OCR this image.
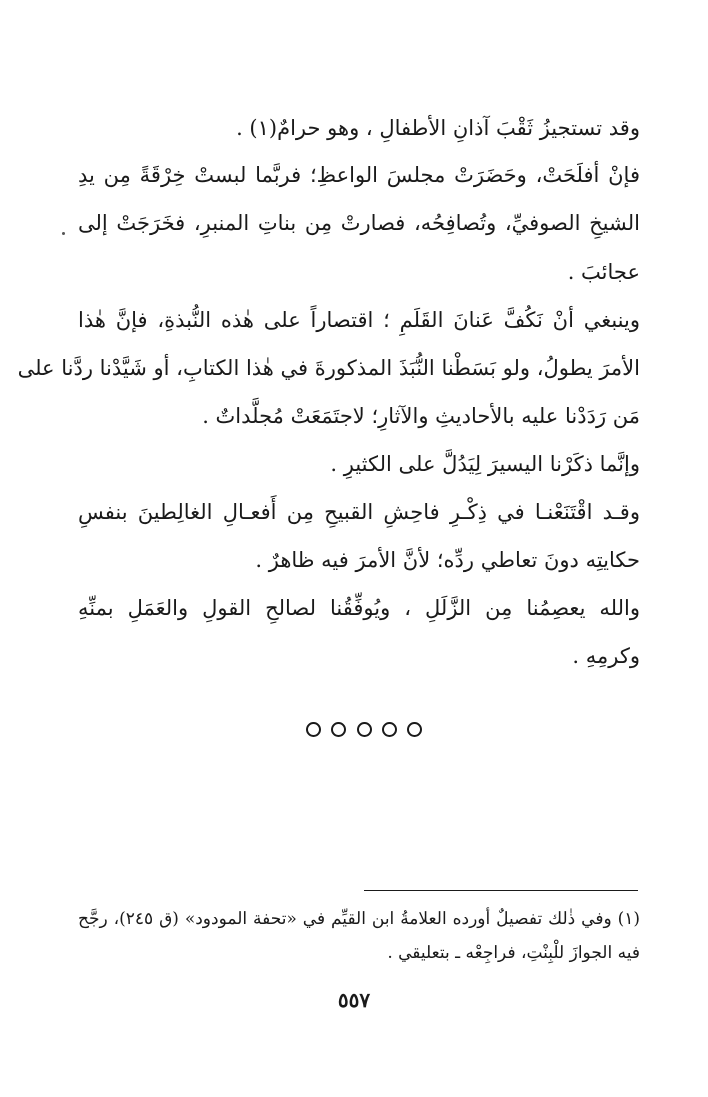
وقد تستجيزُ ثَقْبَ آذانِ الأطفالِ ، وهو حرامٌ(١) .
فإنْ أفلَحَتْ، وحَضَرَتْ مجلسَ الواعظِ؛ فربَّما لبستْ خِرْقَةً مِن يدِ
الشيخِ الصوفيِّ، وتُصافِحُه، فصارتْ مِن بناتِ المنبرِ، فخَرَجَتْ إلى
عجائبَ .
وينبغي أنْ نَكُفَّ عَنانَ القَلَمِ ؛ اقتصاراً على هٰذه النُّبذةِ، فإنَّ هٰذا
الأمرَ يطولُ، ولو بَسَطْنا النُّبَذَ المذكورةَ في هٰذا الكتابِ، أو شَيَّدْنا ردَّنا على
مَن رَدَدْنا عليه بالأحاديثِ والآثارِ؛ لاجتَمَعَتْ مُجلَّداتٌ .
وإنَّما ذكَرْنا اليسيرَ لِيَدُلَّ على الكثيرِ .
وقـد اقْتَنَعْنـا في ذِكْـرِ فاحِشِ القبيحِ مِن أَفعـالِ الغالِطينَ بنفسِ
حكايتِه دونَ تعاطي ردِّه؛ لأنَّ الأمرَ فيه ظاهرٌ .
والله يعصِمُنا مِن الزَّلَلِ ، ويُوفِّقُنا لصالحِ القولِ والعَمَلِ بمنِّهِ
وكرمِهِ .
(١) وفي ذٰلك تفصيلٌ أورده العلامةُ ابن القيِّم في «تحفة المودود» (ق ٢٤٥)، رجَّح
فيه الجوازَ للْبِنْتِ، فراجِعْه ـ بتعليقي .
٥٥٧
